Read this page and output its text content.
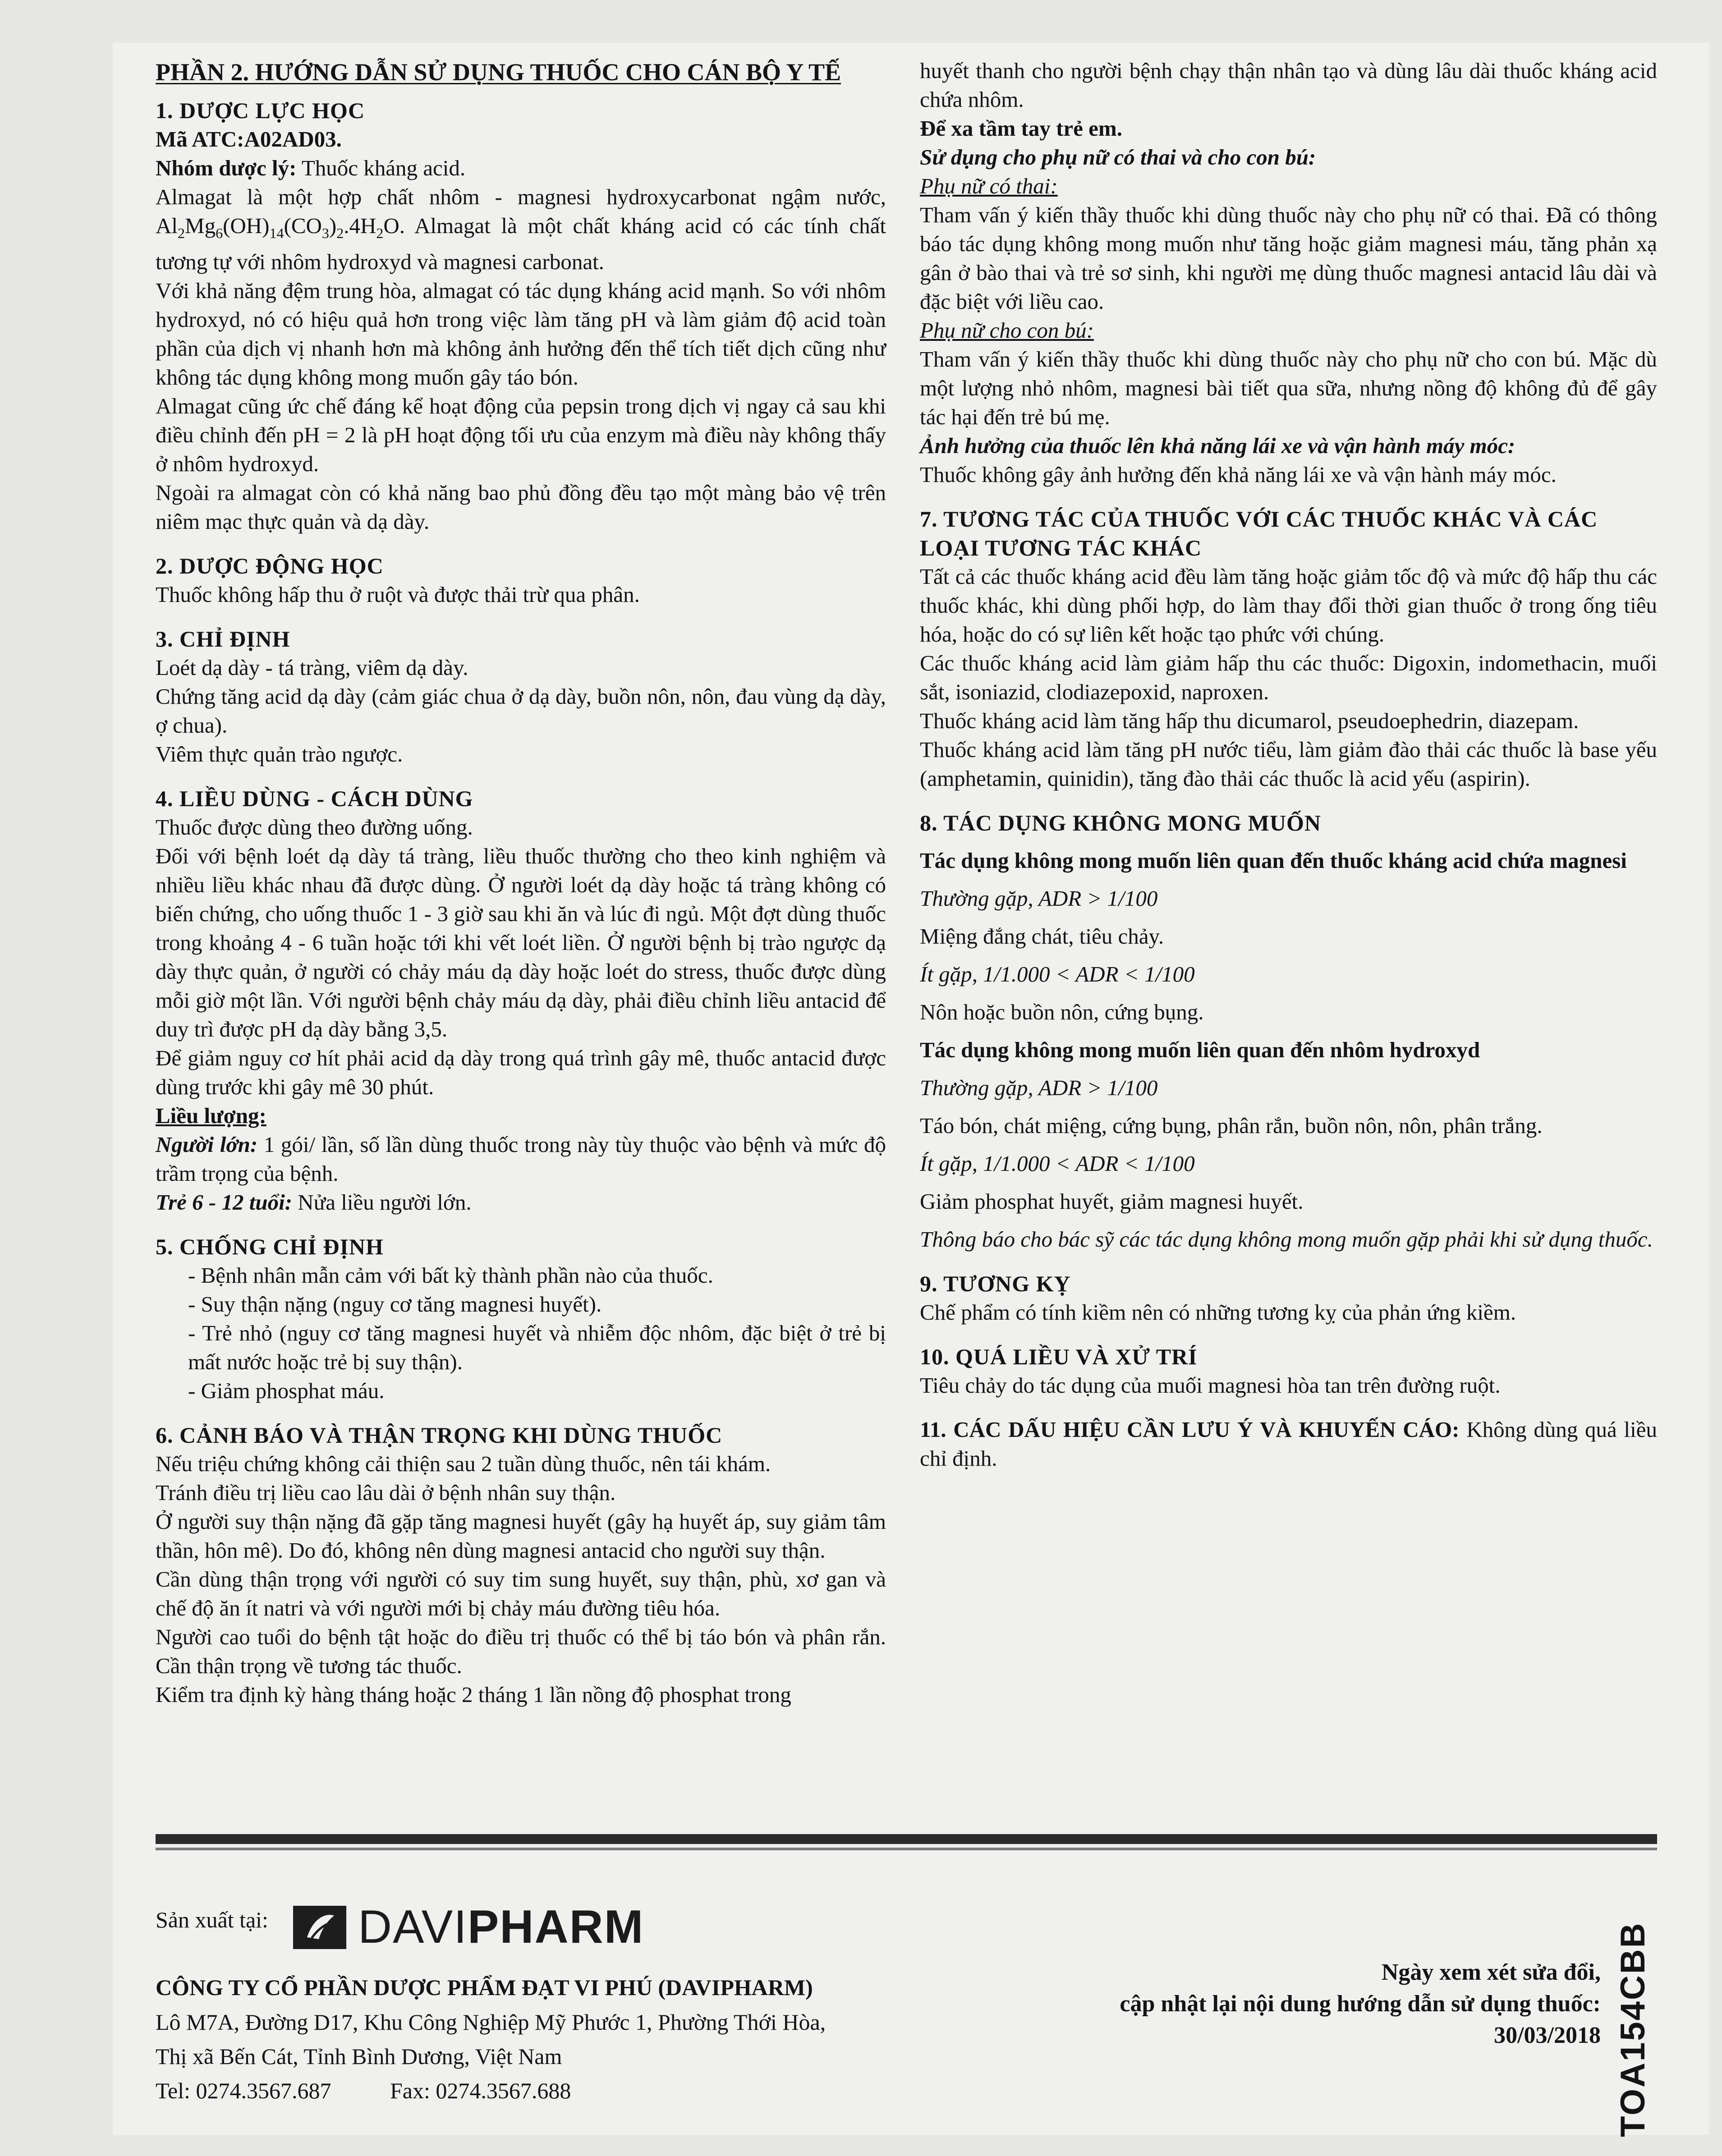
PHẦN 2. HƯỚNG DẪN SỬ DỤNG THUỐC CHO CÁN BỘ Y TẾ
1. DƯỢC LỰC HỌC

Mã ATC:A02AD03.

Nhóm dược lý: Thuốc kháng acid.

Almagat là một hợp chất nhôm - magnesi hydroxycarbonat ngậm nước, $Al_2Mg_6(OH)_{14}(CO_3)_2.4H_2O$. Almagat là một chất kháng acid có các tính chất tương tự với nhôm hydroxyd và magnesi carbonat.

Với khả năng đệm trung hòa, almagat có tác dụng kháng acid mạnh. So với nhôm hydroxyd, nó có hiệu quả hơn trong việc làm tăng pH và làm giảm độ acid toàn phần của dịch vị nhanh hơn mà không ảnh hưởng đến thể tích tiết dịch cũng như không tác dụng không mong muốn gây táo bón.

Almagat cũng ức chế đáng kể hoạt động của pepsin trong dịch vị ngay cả sau khi điều chỉnh đến pH = 2 là pH hoạt động tối ưu của enzym mà điều này không thấy ở nhôm hydroxyd.

Ngoài ra almagat còn có khả năng bao phủ đồng đều tạo một màng bảo vệ trên niêm mạc thực quản và dạ dày.

2. DƯỢC ĐỘNG HỌC

Thuốc không hấp thu ở ruột và được thải trừ qua phân.

3. CHỈ ĐỊNH

Loét dạ dày - tá tràng, viêm dạ dày.

Chứng tăng acid dạ dày (cảm giác chua ở dạ dày, buồn nôn, nôn, đau vùng dạ dày, ợ chua).

Viêm thực quản trào ngược.

4. LIỀU DÙNG - CÁCH DÙNG

Thuốc được dùng theo đường uống.

Đối với bệnh loét dạ dày tá tràng, liều thuốc thường cho theo kinh nghiệm và nhiều liều khác nhau đã được dùng. Ở người loét dạ dày hoặc tá tràng không có biến chứng, cho uống thuốc 1 - 3 giờ sau khi ăn và lúc đi ngủ. Một đợt dùng thuốc trong khoảng 4 - 6 tuần hoặc tới khi vết loét liền. Ở người bệnh bị trào ngược dạ dày thực quản, ở người có chảy máu dạ dày hoặc loét do stress, thuốc được dùng mỗi giờ một lần. Với người bệnh chảy máu dạ dày, phải điều chỉnh liều antacid để duy trì được pH dạ dày bằng 3,5.

Để giảm nguy cơ hít phải acid dạ dày trong quá trình gây mê, thuốc antacid được dùng trước khi gây mê 30 phút.

Liều lượng:

Người lớn: 1 gói/ lần, số lần dùng thuốc trong này tùy thuộc vào bệnh và mức độ trầm trọng của bệnh.

Trẻ 6 - 12 tuổi: Nửa liều người lớn.

5. CHỐNG CHỈ ĐỊNH

- Bệnh nhân mẫn cảm với bất kỳ thành phần nào của thuốc.

- Suy thận nặng (nguy cơ tăng magnesi huyết).

- Trẻ nhỏ (nguy cơ tăng magnesi huyết và nhiễm độc nhôm, đặc biệt ở trẻ bị mất nước hoặc trẻ bị suy thận).

- Giảm phosphat máu.

6. CẢNH BÁO VÀ THẬN TRỌNG KHI DÙNG THUỐC

Nếu triệu chứng không cải thiện sau 2 tuần dùng thuốc, nên tái khám.

Tránh điều trị liều cao lâu dài ở bệnh nhân suy thận.

Ở người suy thận nặng đã gặp tăng magnesi huyết (gây hạ huyết áp, suy giảm tâm thần, hôn mê). Do đó, không nên dùng magnesi antacid cho người suy thận.

Cần dùng thận trọng với người có suy tim sung huyết, suy thận, phù, xơ gan và chế độ ăn ít natri và với người mới bị chảy máu đường tiêu hóa.

Người cao tuổi do bệnh tật hoặc do điều trị thuốc có thể bị táo bón và phân rắn. Cần thận trọng về tương tác thuốc.

Kiểm tra định kỳ hàng tháng hoặc 2 tháng 1 lần nồng độ phosphat trong

huyết thanh cho người bệnh chạy thận nhân tạo và dùng lâu dài thuốc kháng acid chứa nhôm.

Để xa tầm tay trẻ em.

Sử dụng cho phụ nữ có thai và cho con bú:

Phụ nữ có thai:

Tham vấn ý kiến thầy thuốc khi dùng thuốc này cho phụ nữ có thai. Đã có thông báo tác dụng không mong muốn như tăng hoặc giảm magnesi máu, tăng phản xạ gân ở bào thai và trẻ sơ sinh, khi người mẹ dùng thuốc magnesi antacid lâu dài và đặc biệt với liều cao.

Phụ nữ cho con bú:

Tham vấn ý kiến thầy thuốc khi dùng thuốc này cho phụ nữ cho con bú. Mặc dù một lượng nhỏ nhôm, magnesi bài tiết qua sữa, nhưng nồng độ không đủ để gây tác hại đến trẻ bú mẹ.

Ảnh hưởng của thuốc lên khả năng lái xe và vận hành máy móc:

Thuốc không gây ảnh hưởng đến khả năng lái xe và vận hành máy móc.

7. TƯƠNG TÁC CỦA THUỐC VỚI CÁC THUỐC KHÁC VÀ CÁC LOẠI TƯƠNG TÁC KHÁC

Tất cả các thuốc kháng acid đều làm tăng hoặc giảm tốc độ và mức độ hấp thu các thuốc khác, khi dùng phối hợp, do làm thay đổi thời gian thuốc ở trong ống tiêu hóa, hoặc do có sự liên kết hoặc tạo phức với chúng.

Các thuốc kháng acid làm giảm hấp thu các thuốc: Digoxin, indomethacin, muối sắt, isoniazid, clodiazepoxid, naproxen.

Thuốc kháng acid làm tăng hấp thu dicumarol, pseudoephedrin, diazepam.

Thuốc kháng acid làm tăng pH nước tiểu, làm giảm đào thải các thuốc là base yếu (amphetamin, quinidin), tăng đào thải các thuốc là acid yếu (aspirin).

8. TÁC DỤNG KHÔNG MONG MUỐN

Tác dụng không mong muốn liên quan đến thuốc kháng acid chứa magnesi

Thường gặp, ADR > 1/100

Miệng đắng chát, tiêu chảy.

Ít gặp, 1/1.000 < ADR < 1/100

Nôn hoặc buồn nôn, cứng bụng.

Tác dụng không mong muốn liên quan đến nhôm hydroxyd

Thường gặp, ADR > 1/100

Táo bón, chát miệng, cứng bụng, phân rắn, buồn nôn, nôn, phân trắng.

Ít gặp, 1/1.000 < ADR < 1/100

Giảm phosphat huyết, giảm magnesi huyết.

Thông báo cho bác sỹ các tác dụng không mong muốn gặp phải khi sử dụng thuốc.

9. TƯƠNG KỴ

Chế phẩm có tính kiềm nên có những tương kỵ của phản ứng kiềm.

10. QUÁ LIỀU VÀ XỬ TRÍ

Tiêu chảy do tác dụng của muối magnesi hòa tan trên đường ruột.

11. CÁC DẤU HIỆU CẦN LƯU Ý VÀ KHUYẾN CÁO: Không dùng quá liều chỉ định.

Sản xuất tại: DAVIPHARM
CÔNG TY CỔ PHẦN DƯỢC PHẨM ĐẠT VI PHÚ (DAVIPHARM)
Lô M7A, Đường D17, Khu Công Nghiệp Mỹ Phước 1, Phường Thới Hòa,
Thị xã Bến Cát, Tỉnh Bình Dương, Việt Nam
Tel: 0274.3567.687	Fax: 0274.3567.688
Ngày xem xét sửa đổi,
cập nhật lại nội dung hướng dẫn sử dụng thuốc:
30/03/2018 TOA154CBB
